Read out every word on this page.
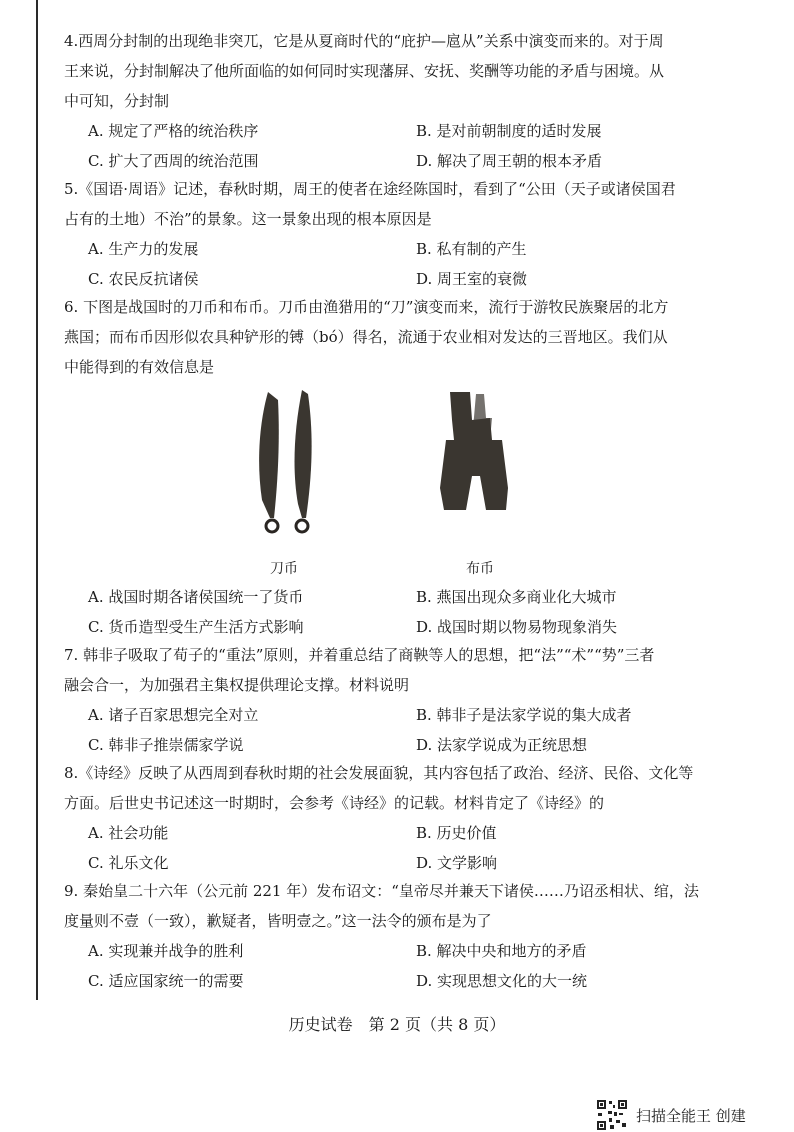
4.西周分封制的出现绝非突兀，它是从夏商时代的“庇护—扈从”关系中演变而来的。对于周

王来说，分封制解决了他所面临的如何同时实现藩屏、安抚、奖酬等功能的矛盾与困境。从

中可知，分封制

A. 规定了严格的统治秩序	B. 是对前朝制度的适时发展
C. 扩大了西周的统治范围	D. 解决了周王朝的根本矛盾

5.《国语·周语》记述，春秋时期，周王的使者在途经陈国时，看到了“公田（天子或诸侯国君

占有的土地）不治”的景象。这一景象出现的根本原因是

A. 生产力的发展	B. 私有制的产生
C. 农民反抗诸侯	D. 周王室的衰微

6. 下图是战国时的刀币和布币。刀币由渔猎用的“刀”演变而来，流行于游牧民族聚居的北方

燕国；而布币因形似农具种铲形的镈（bó）得名，流通于农业相对发达的三晋地区。我们从

中能得到的有效信息是

刀币	布币
A. 战国时期各诸侯国统一了货币	B. 燕国出现众多商业化大城市
C. 货币造型受生产生活方式影响	D. 战国时期以物易物现象消失

7. 韩非子吸取了荀子的“重法”原则，并着重总结了商鞅等人的思想，把“法”“术”“势”三者

融会合一，为加强君主集权提供理论支撑。材料说明

A. 诸子百家思想完全对立	B. 韩非子是法家学说的集大成者
C. 韩非子推崇儒家学说	D. 法家学说成为正统思想

8.《诗经》反映了从西周到春秋时期的社会发展面貌，其内容包括了政治、经济、民俗、文化等

方面。后世史书记述这一时期时，会参考《诗经》的记载。材料肯定了《诗经》的

A. 社会功能	B. 历史价值
C. 礼乐文化	D. 文学影响

9. 秦始皇二十六年（公元前 221 年）发布诏文：“皇帝尽并兼天下诸侯……乃诏丞相状、绾，法

度量则不壹（一致），歉疑者，皆明壹之。”这一法令的颁布是为了

A. 实现兼并战争的胜利	B. 解决中央和地方的矛盾
C. 适应国家统一的需要	D. 实现思想文化的大一统
历史试卷　第 2 页（共 8 页）
扫描全能王 创建
